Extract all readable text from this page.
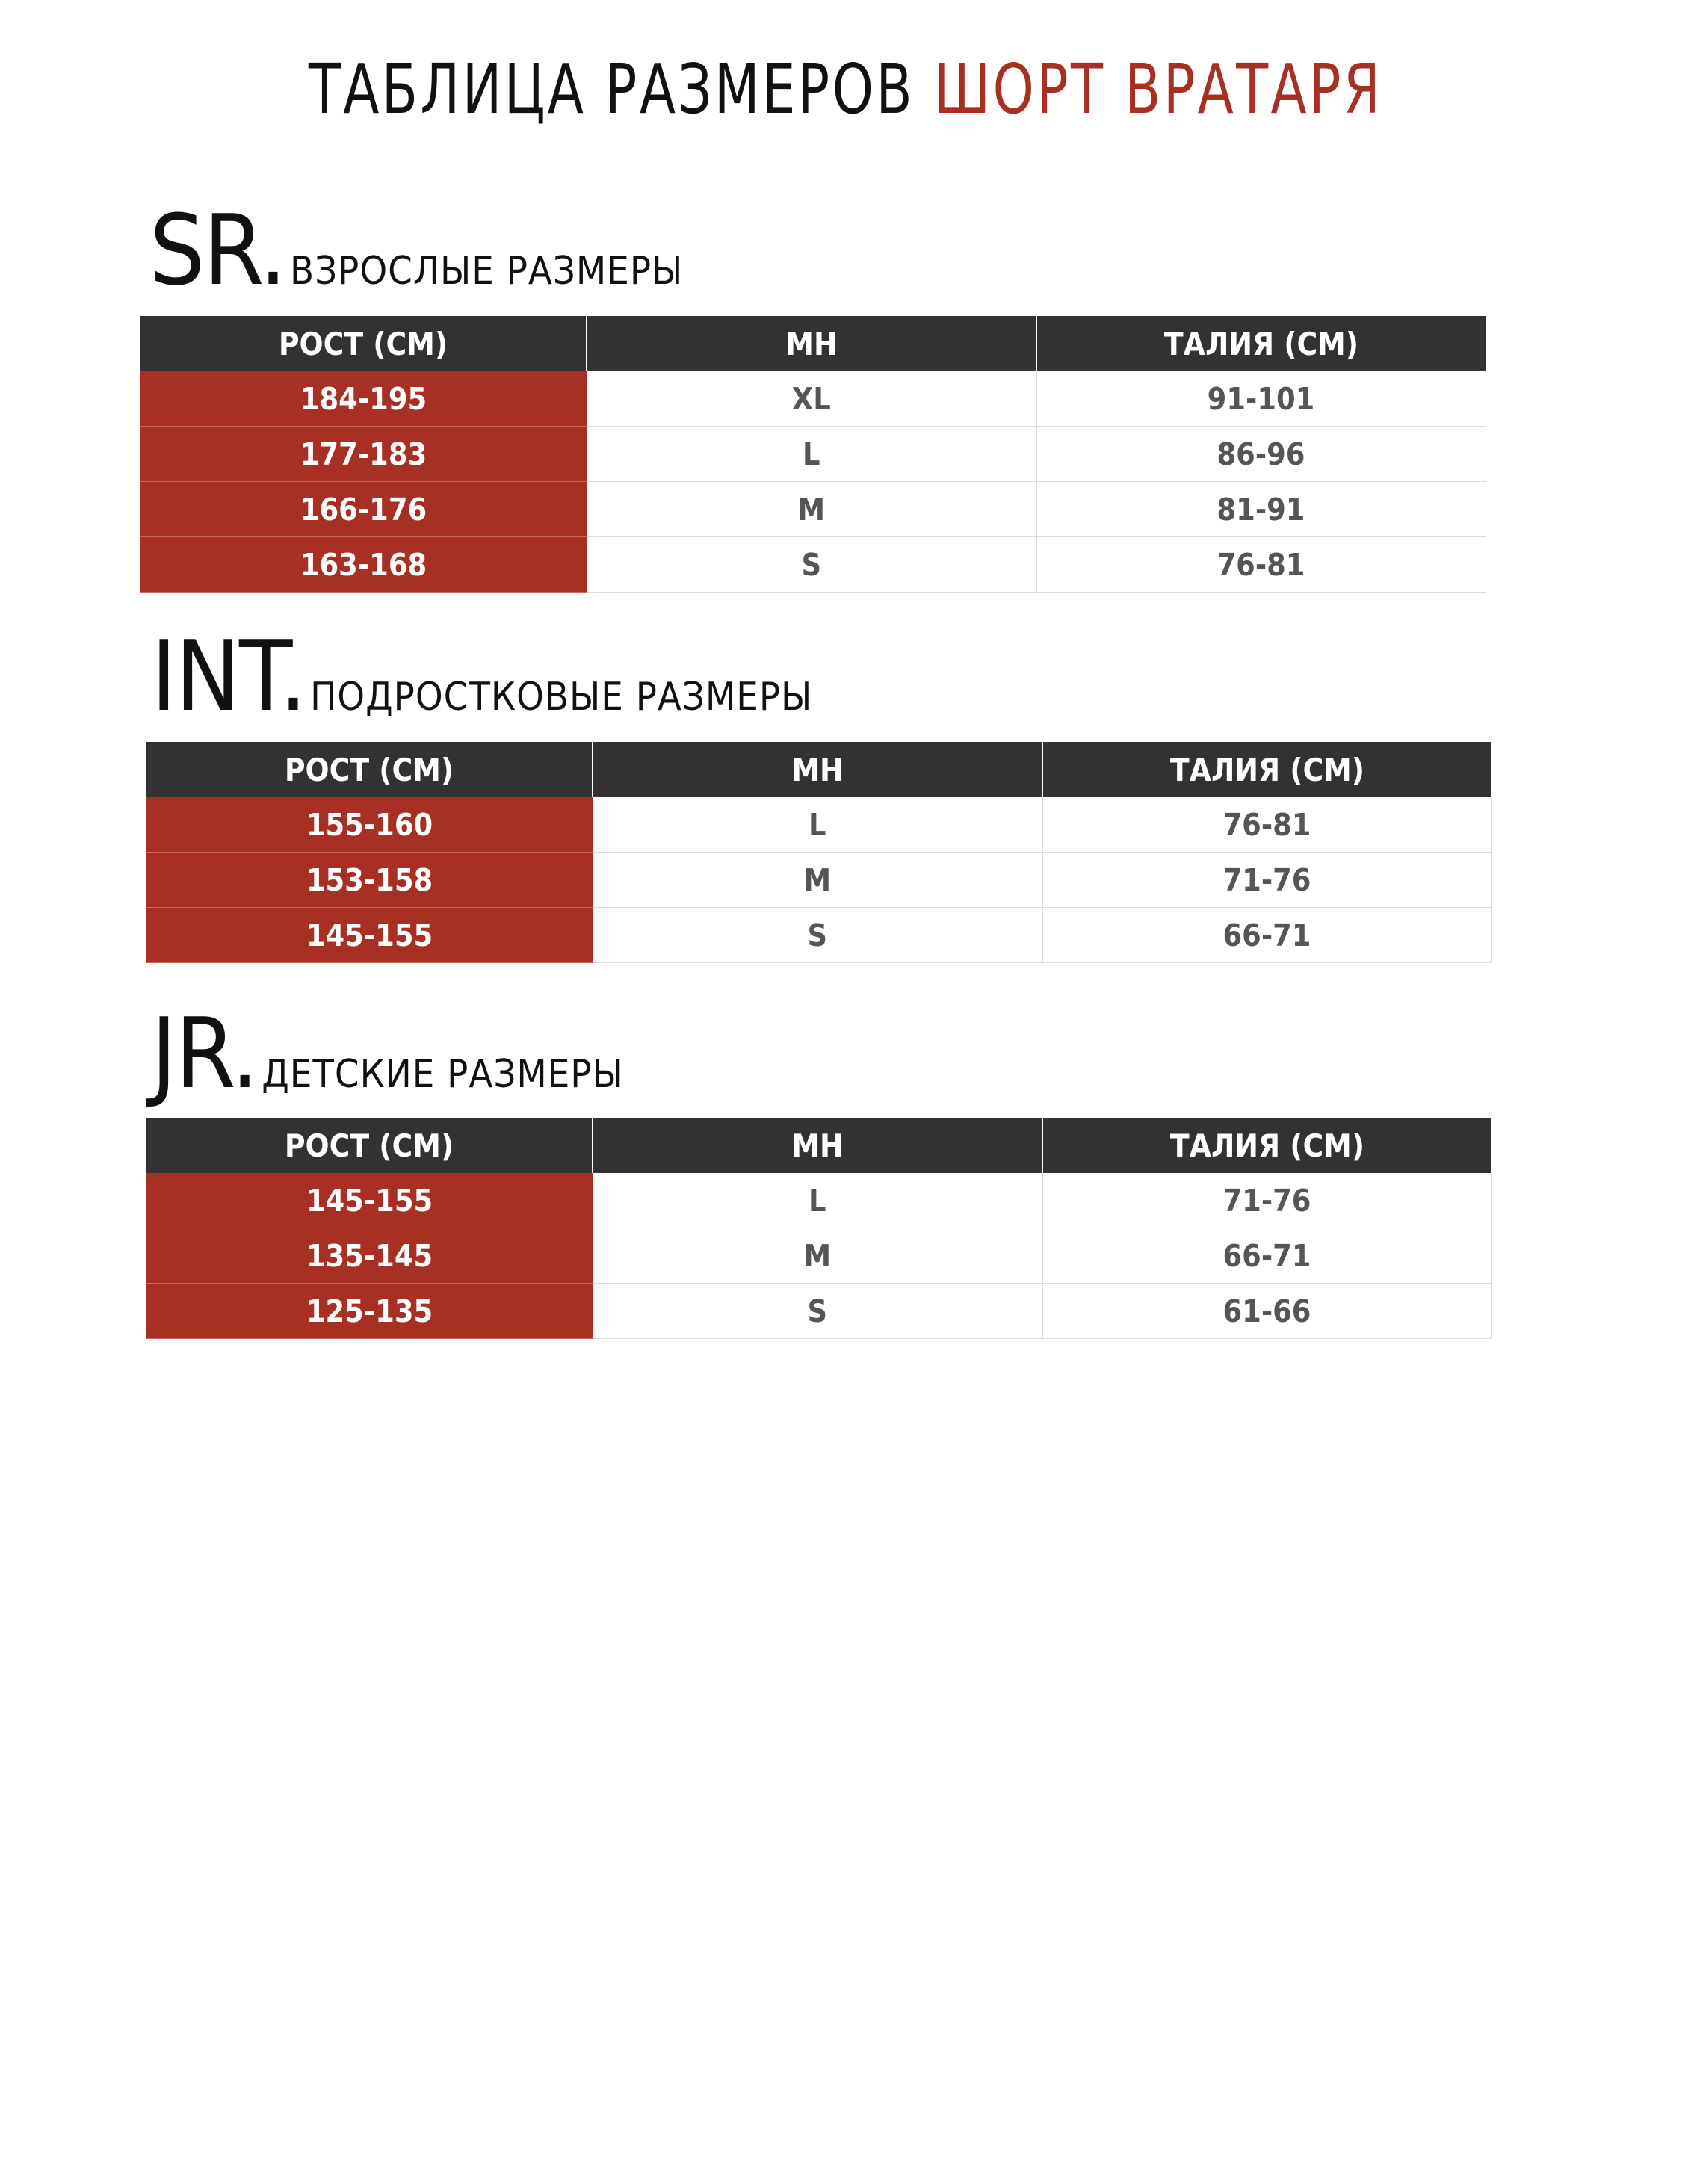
ТАБЛИЦА РАЗМЕРОВ ШОРТ ВРАТАРЯ
SR. ВЗРОСЛЫЕ РАЗМЕРЫ
РОСТ (СМ)	МН	ТАЛИЯ (СМ)
184-195	XL	91-101
177-183	L	86-96
166-176	M	81-91
163-168	S	76-81
INT. ПОДРОСТКОВЫЕ РАЗМЕРЫ
РОСТ (СМ)	МН	ТАЛИЯ (СМ)
155-160	L	76-81
153-158	M	71-76
145-155	S	66-71
JR. ДЕТСКИЕ РАЗМЕРЫ
РОСТ (СМ)	МН	ТАЛИЯ (СМ)
145-155	L	71-76
135-145	M	66-71
125-135	S	61-66
